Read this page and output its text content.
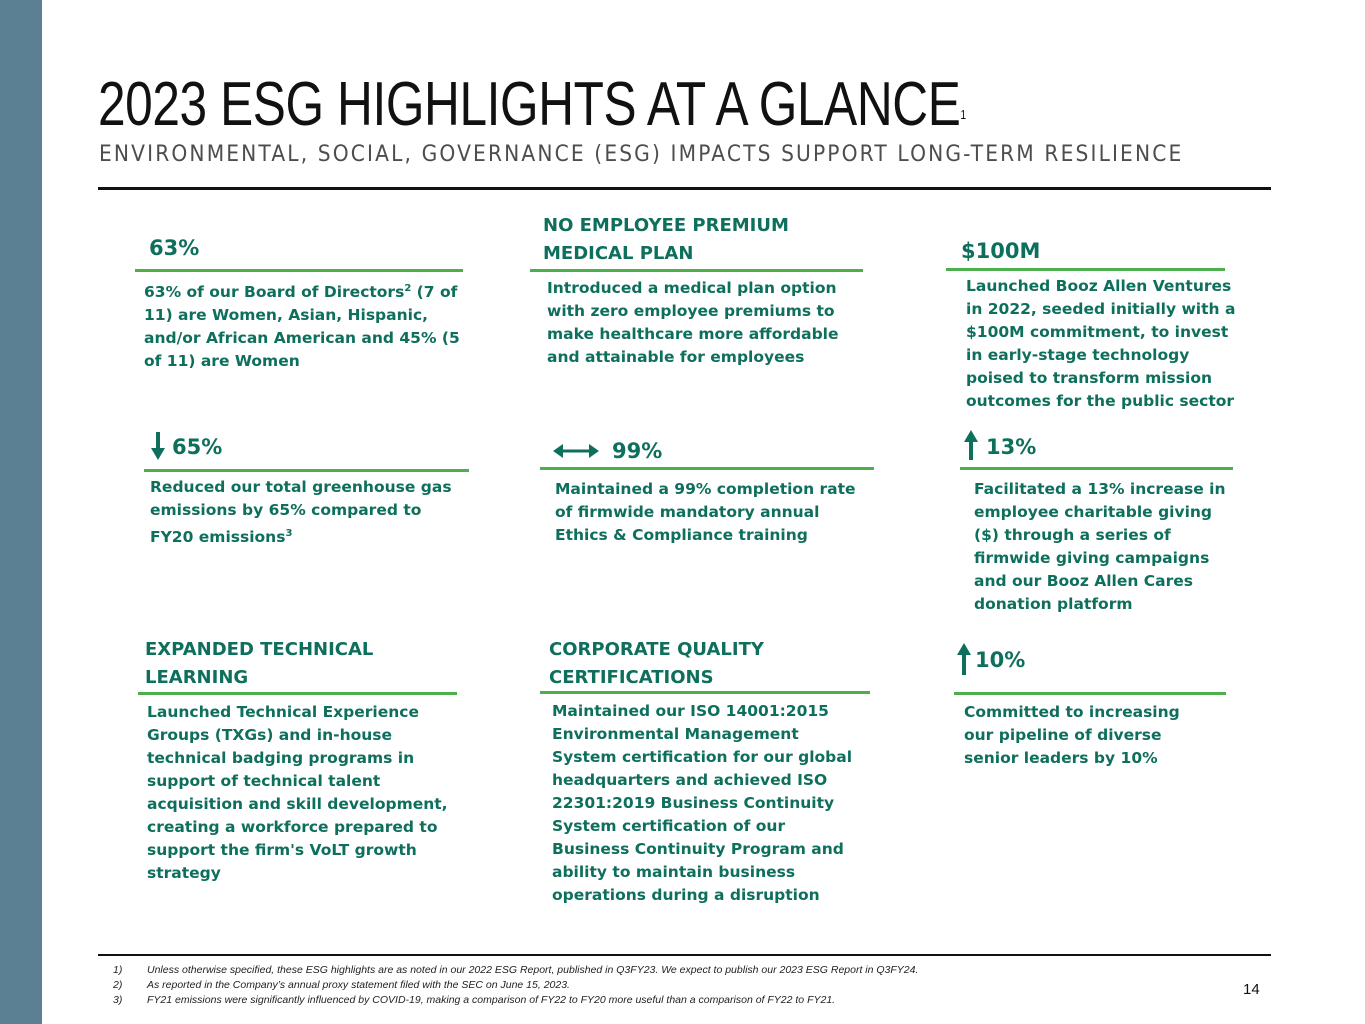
2023 ESG HIGHLIGHTS AT A GLANCE$^1$
ENVIRONMENTAL, SOCIAL, GOVERNANCE (ESG) IMPACTS SUPPORT LONG-TERM RESILIENCE
63%
63% of our Board of Directors$^2$ (7 of 11) are Women, Asian, Hispanic, and/or African American and 45% (5 of 11) are Women
NO EMPLOYEE PREMIUM MEDICAL PLAN
Introduced a medical plan option with zero employee premiums to make healthcare more affordable and attainable for employees
$100M
Launched Booz Allen Ventures in 2022, seeded initially with a $100M commitment, to invest in early-stage technology poised to transform mission outcomes for the public sector
65%
Reduced our total greenhouse gas emissions by 65% compared to FY20 emissions$^3$
99%
Maintained a 99% completion rate of firmwide mandatory annual Ethics & Compliance training
13%
Facilitated a 13% increase in employee charitable giving ($) through a series of firmwide giving campaigns and our Booz Allen Cares donation platform
EXPANDED TECHNICAL LEARNING
Launched Technical Experience Groups (TXGs) and in-house technical badging programs in support of technical talent acquisition and skill development, creating a workforce prepared to support the firm's VoLT growth strategy
CORPORATE QUALITY CERTIFICATIONS
Maintained our ISO 14001:2015 Environmental Management System certification for our global headquarters and achieved ISO 22301:2019 Business Continuity System certification of our Business Continuity Program and ability to maintain business operations during a disruption
10%
Committed to increasing our pipeline of diverse senior leaders by 10%
1)	Unless otherwise specified, these ESG highlights are as noted in our 2022 ESG Report, published in Q3FY23. We expect to publish our 2023 ESG Report in Q3FY24.
2)	As reported in the Company’s annual proxy statement filed with the SEC on June 15, 2023.
3)	FY21 emissions were significantly influenced by COVID-19, making a comparison of FY22 to FY20 more useful than a comparison of FY22 to FY21.
14
